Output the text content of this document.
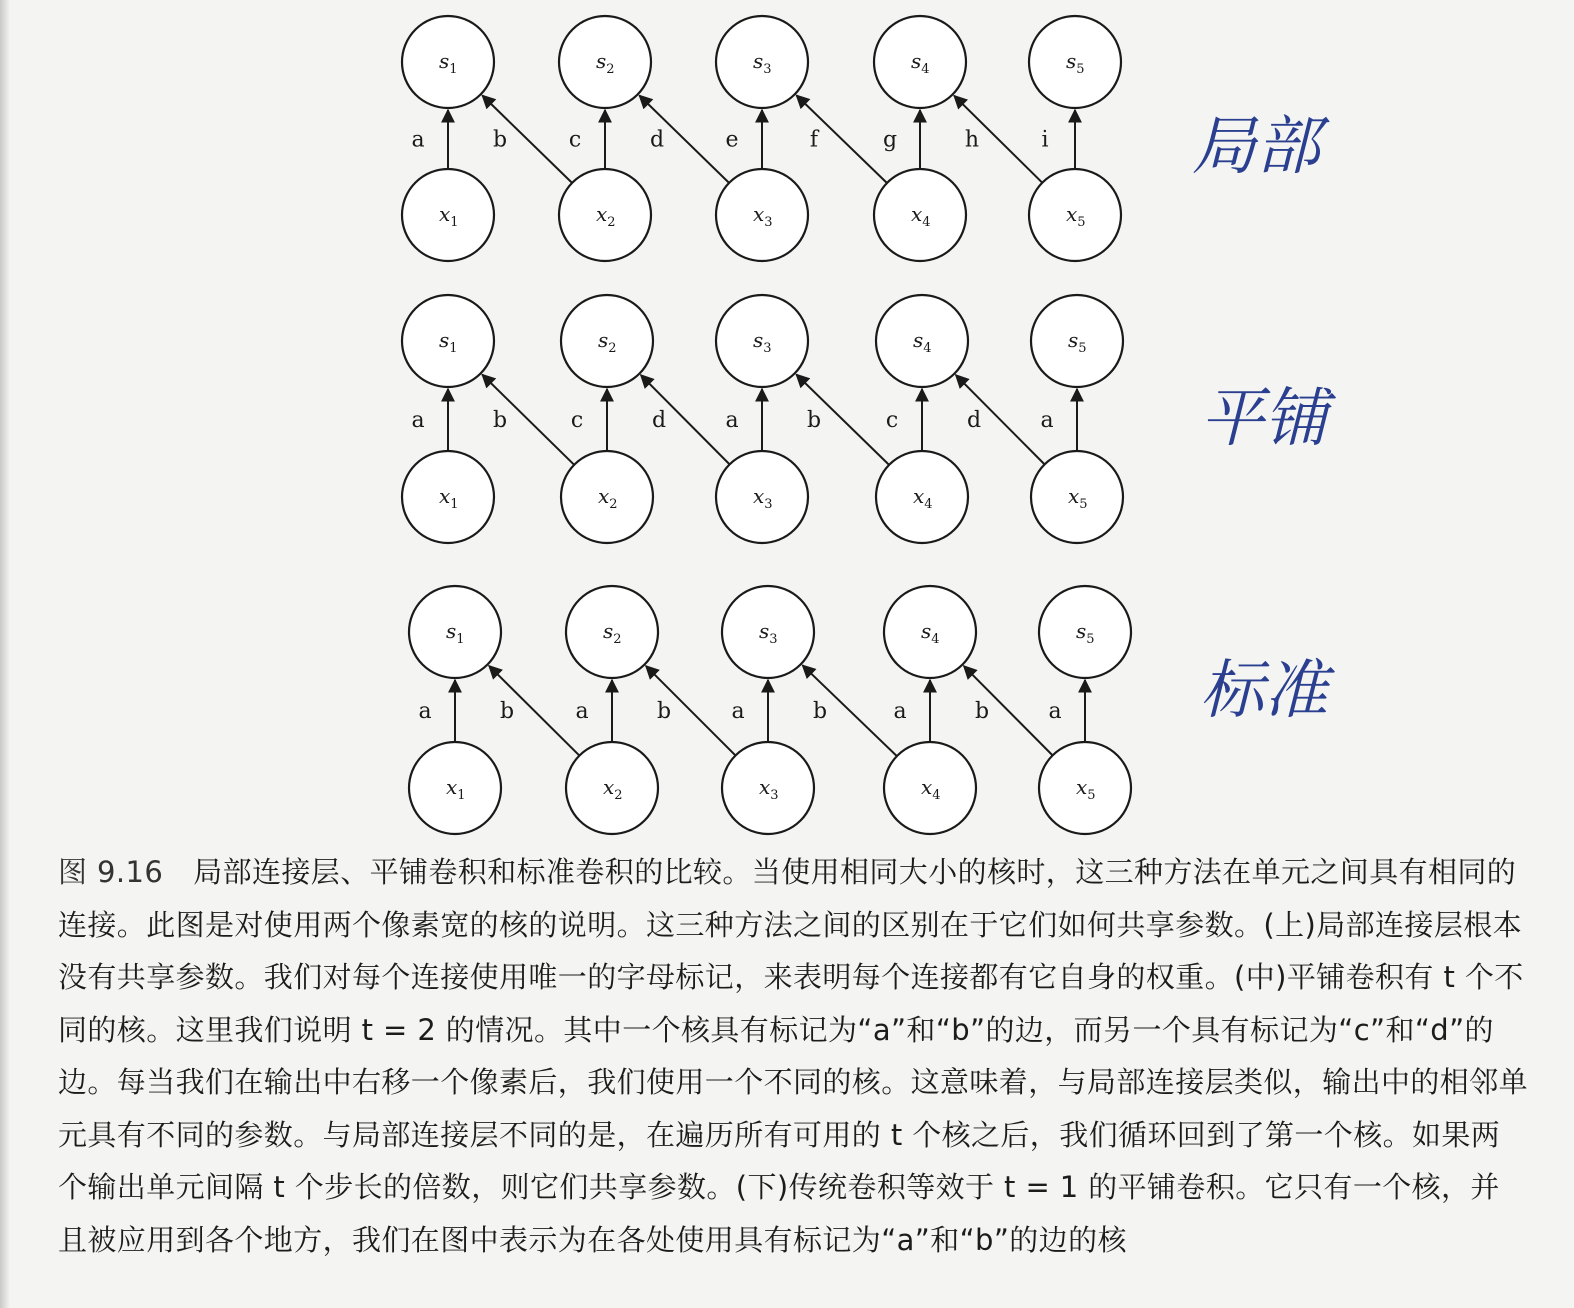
a	b	c	d	e	f	g	h	i
$s_1$	$s_2$	$s_3$	$s_4$	$s_5$
$x_1$	$x_2$	$x_3$	$x_4$	$x_5$
局部
a	b	c	d	a	b	c	d	a
$s_1$	$s_2$	$s_3$	$s_4$	$s_5$
$x_1$	$x_2$	$x_3$	$x_4$	$x_5$
平铺
a	b	a	b	a	b	a	b	a
$s_1$	$s_2$	$s_3$	$s_4$	$s_5$
$x_1$	$x_2$	$x_3$	$x_4$	$x_5$
标准
图 9.16 局部连接层、平铺卷积和标准卷积的比较。当使用相同大小的核时，这三种方法在单元之间具有相同的连接。此图是对使用两个像素宽的核的说明。这三种方法之间的区别在于它们如何共享参数。(上)局部连接层根本没有共享参数。我们对每个连接使用唯一的字母标记，来表明每个连接都有它自身的权重。(中)平铺卷积有 t 个不同的核。这里我们说明 t = 2 的情况。其中一个核具有标记为“a”和“b”的边，而另一个具有标记为“c”和“d”的边。每当我们在输出中右移一个像素后，我们使用一个不同的核。这意味着，与局部连接层类似，输出中的相邻单元具有不同的参数。与局部连接层不同的是，在遍历所有可用的 t 个核之后，我们循环回到了第一个核。如果两个输出单元间隔 t 个步长的倍数，则它们共享参数。(下)传统卷积等效于 t = 1 的平铺卷积。它只有一个核，并且被应用到各个地方，我们在图中表示为在各处使用具有标记为“a”和“b”的边的核
